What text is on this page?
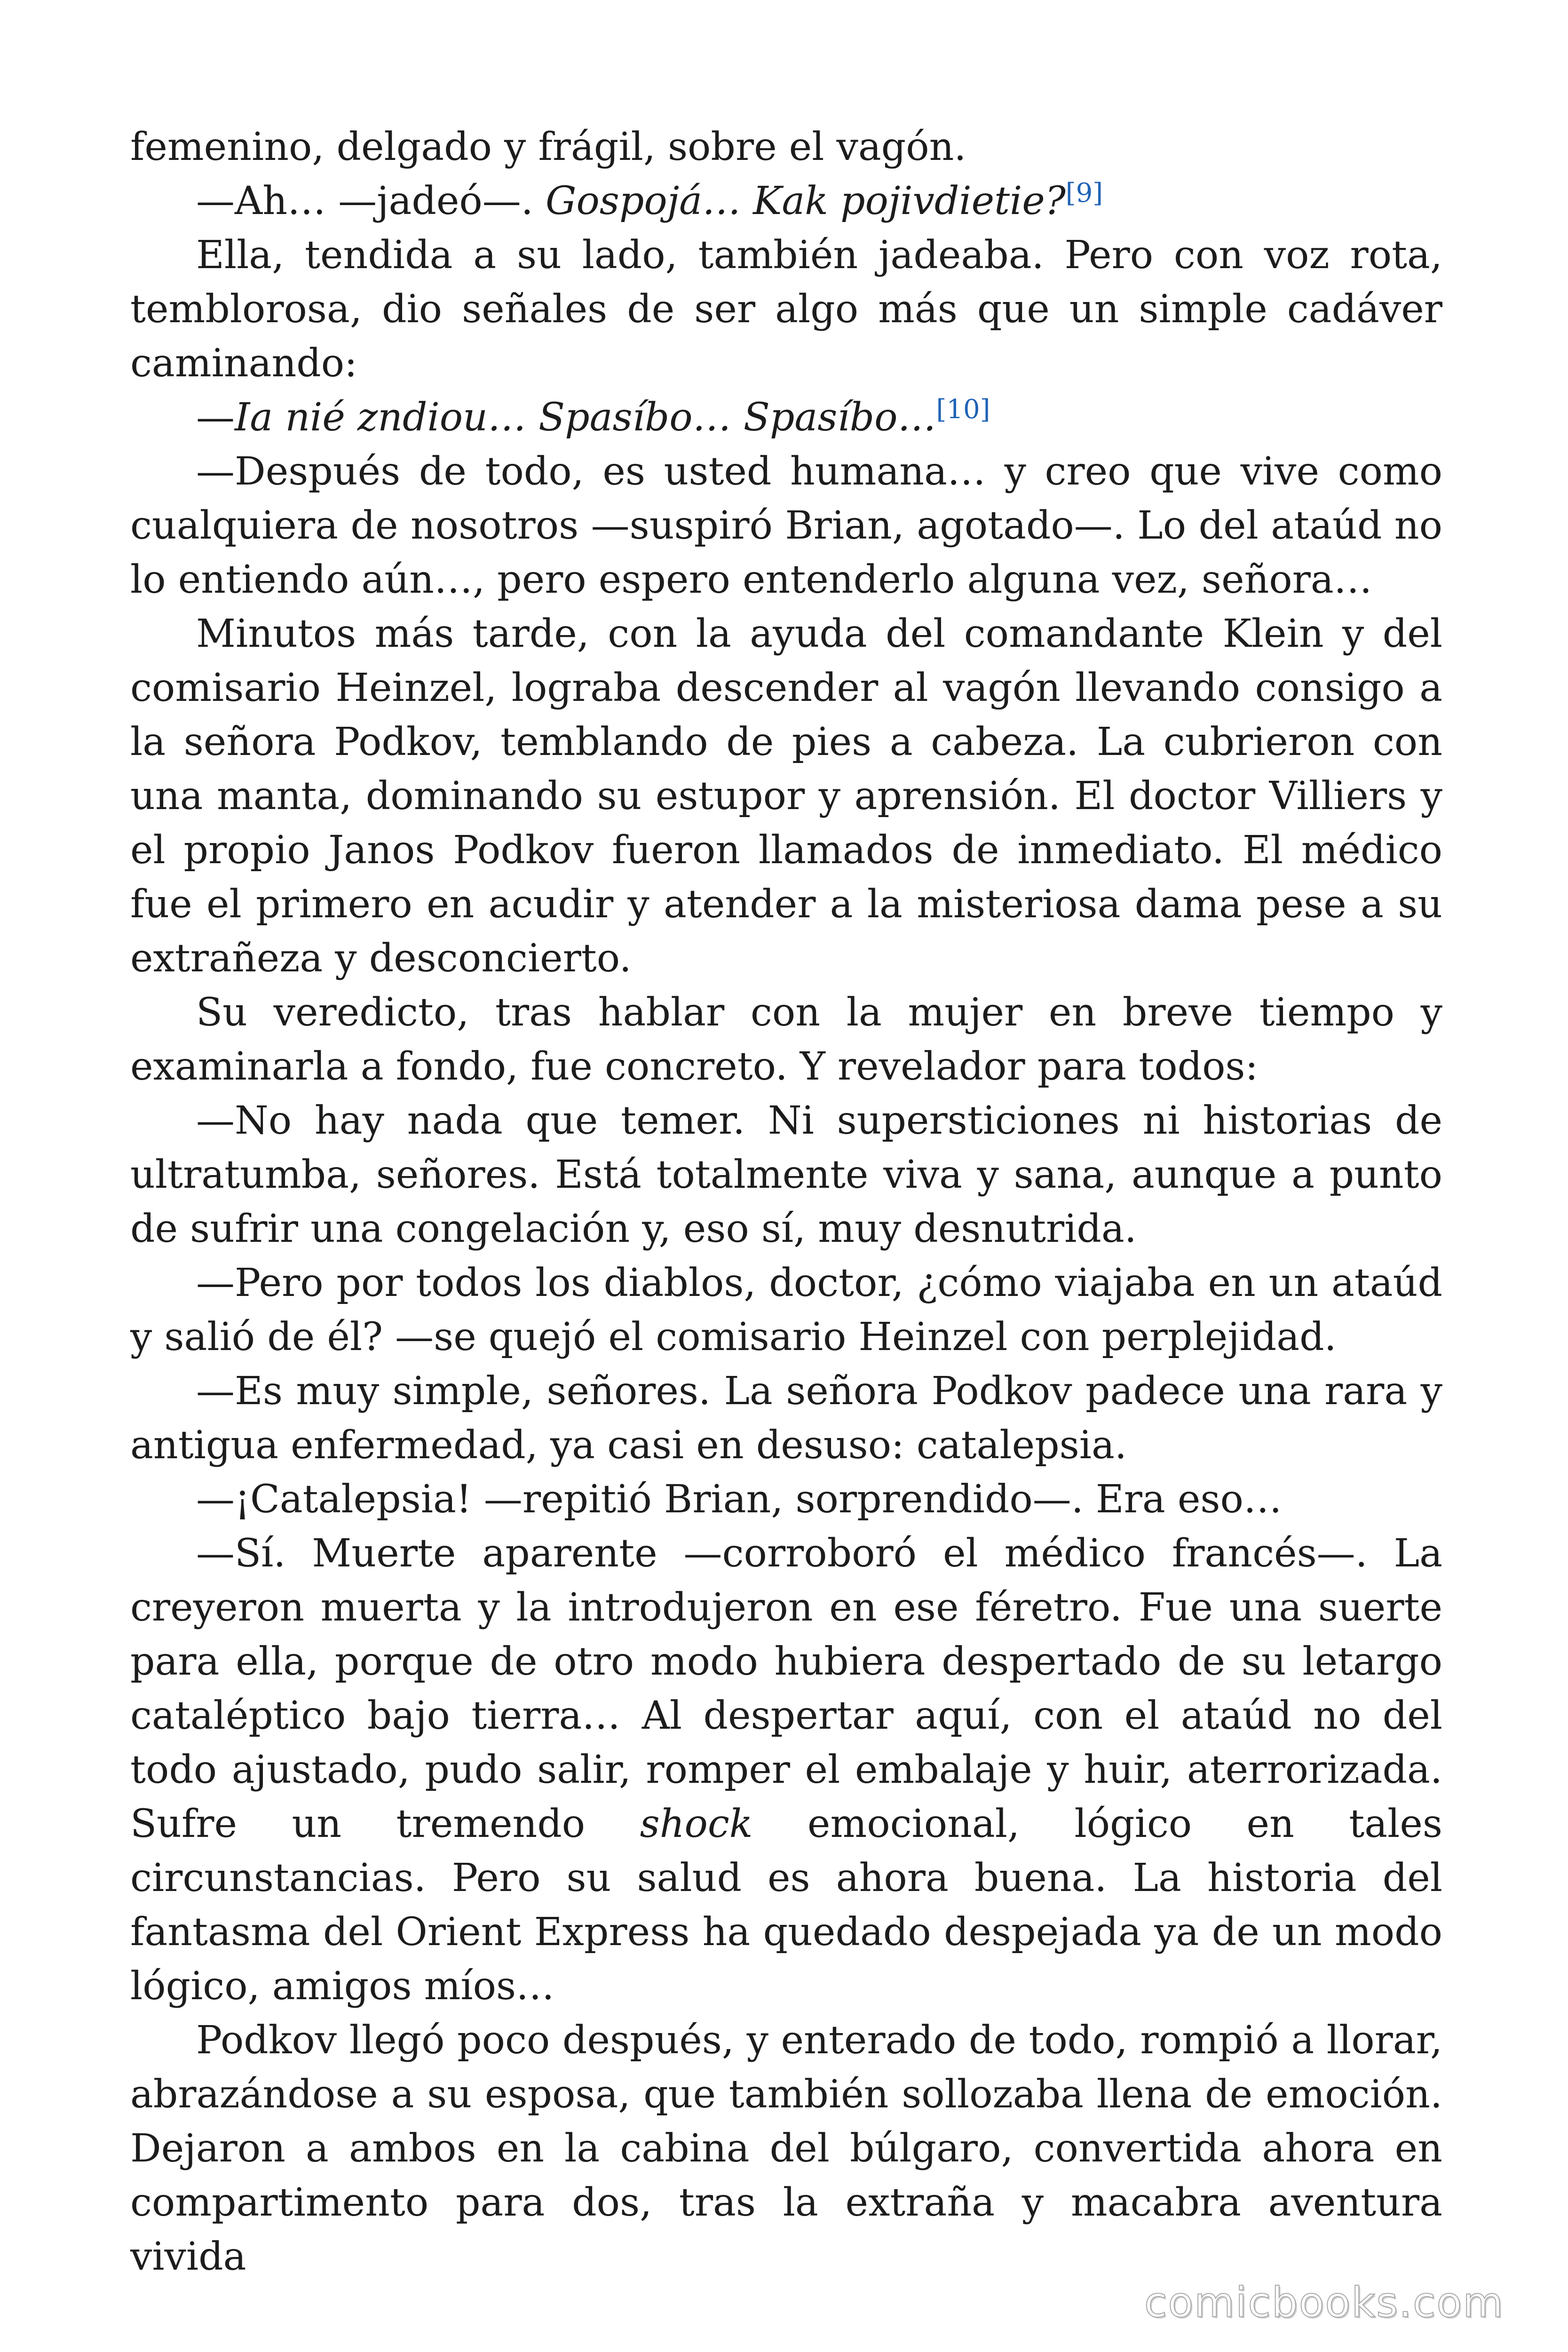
femenino, delgado y frágil, sobre el vagón.

—Ah… —jadeó—. Gospojá… Kak pojivdietie?[9]

Ella, tendida a su lado, también jadeaba. Pero con voz rota, temblorosa, dio señales de ser algo más que un simple cadáver caminando:

—Ia nié zndiou… Spasíbo… Spasíbo…[10]

—Después de todo, es usted humana… y creo que vive como cualquiera de nosotros —suspiró Brian, agotado—. Lo del ataúd no lo entiendo aún…, pero espero entenderlo alguna vez, señora…

Minutos más tarde, con la ayuda del comandante Klein y del comisario Heinzel, lograba descender al vagón llevando consigo a la señora Podkov, temblando de pies a cabeza. La cubrieron con una manta, dominando su estupor y aprensión. El doctor Villiers y el propio Janos Podkov fueron llamados de inmediato. El médico fue el primero en acudir y atender a la misteriosa dama pese a su extrañeza y desconcierto.

Su veredicto, tras hablar con la mujer en breve tiempo y examinarla a fondo, fue concreto. Y revelador para todos:

—No hay nada que temer. Ni supersticiones ni historias de ultratumba, señores. Está totalmente viva y sana, aunque a punto de sufrir una congelación y, eso sí, muy desnutrida.

—Pero por todos los diablos, doctor, ¿cómo viajaba en un ataúd y salió de él? —se quejó el comisario Heinzel con perplejidad.

—Es muy simple, señores. La señora Podkov padece una rara y antigua enfermedad, ya casi en desuso: catalepsia.

—¡Catalepsia! —repitió Brian, sorprendido—. Era eso…

—Sí. Muerte aparente —corroboró el médico francés—. La creyeron muerta y la introdujeron en ese féretro. Fue una suerte para ella, porque de otro modo hubiera despertado de su letargo cataléptico bajo tierra… Al despertar aquí, con el ataúd no del todo ajustado, pudo salir, romper el embalaje y huir, aterrorizada. Sufre un tremendo shock emocional, lógico en tales circunstancias. Pero su salud es ahora buena. La historia del fantasma del Orient Express ha quedado despejada ya de un modo lógico, amigos míos…

Podkov llegó poco después, y enterado de todo, rompió a llorar, abrazándose a su esposa, que también sollozaba llena de emoción. Dejaron a ambos en la cabina del búlgaro, convertida ahora en compartimento para dos, tras la extraña y macabra aventura vivida

comicbooks.com
